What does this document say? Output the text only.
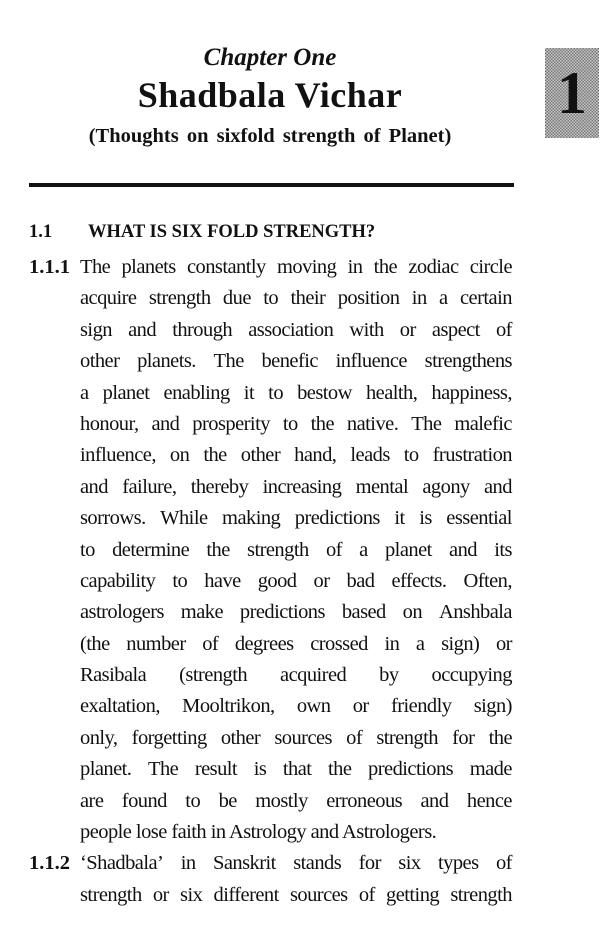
Chapter One
Shadbala Vichar
(Thoughts on sixfold strength of Planet)
1
1.1 WHAT IS SIX FOLD STRENGTH?
1.1.1 The planets constantly moving in the zodiac circle
acquire strength due to their position in a certain
sign and through association with or aspect of
other planets. The benefic influence strengthens
a planet enabling it to bestow health, happiness,
honour, and prosperity to the native. The malefic
influence, on the other hand, leads to frustration
and failure, thereby increasing mental agony and
sorrows. While making predictions it is essential
to determine the strength of a planet and its
capability to have good or bad effects. Often,
astrologers make predictions based on Anshbala
(the number of degrees crossed in a sign) or
Rasibala (strength acquired by occupying
exaltation, Mooltrikon, own or friendly sign)
only, forgetting other sources of strength for the
planet. The result is that the predictions made
are found to be mostly erroneous and hence
people lose faith in Astrology and Astrologers.
1.1.2 ‘Shadbala’ in Sanskrit stands for six types of
strength or six different sources of getting strength
